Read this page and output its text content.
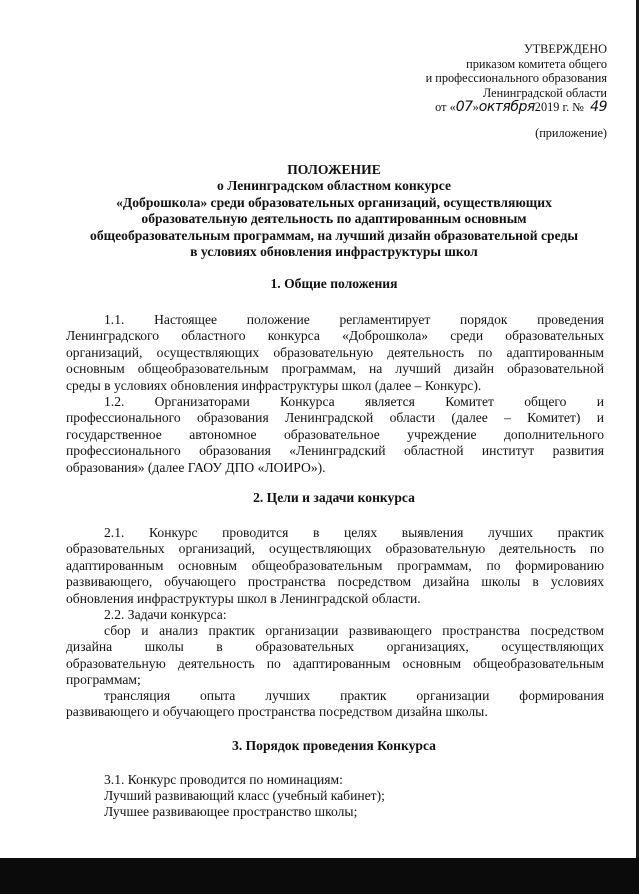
УТВЕРЖДЕНО
приказом комитета общего
и профессионального образования
Ленинградской области
от «07»октября2019 г. № 49
(приложение)
ПОЛОЖЕНИЕ
о Ленинградском областном конкурсе
«Доброшкола» среди образовательных организаций, осуществляющих
образовательную деятельность по адаптированным основным
общеобразовательным программам, на лучший дизайн образовательной среды
в условиях обновления инфраструктуры школ
1. Общие положения
1.1. Настоящее положение регламентирует порядок проведения
Ленинградского областного конкурса «Доброшкола» среди образовательных
организаций, осуществляющих образовательную деятельность по адаптированным
основным общеобразовательным программам, на лучший дизайн образовательной
среды в условиях обновления инфраструктуры школ (далее – Конкурс).
1.2. Организаторами Конкурса является Комитет общего и
профессионального образования Ленинградской области (далее – Комитет) и
государственное автономное образовательное учреждение дополнительного
профессионального образования «Ленинградский областной институт развития
образования» (далее ГАОУ ДПО «ЛОИРО»).
2. Цели и задачи конкурса
2.1. Конкурс проводится в целях выявления лучших практик
образовательных организаций, осуществляющих образовательную деятельность по
адаптированным основным общеобразовательным программам, по формированию
развивающего, обучающего пространства посредством дизайна школы в условиях
обновления инфраструктуры школ в Ленинградской области.
2.2. Задачи конкурса:
сбор и анализ практик организации развивающего пространства посредством
дизайна школы в образовательных организациях, осуществляющих
образовательную деятельность по адаптированным основным общеобразовательным
программам;
трансляция опыта лучших практик организации формирования
развивающего и обучающего пространства посредством дизайна школы.
3. Порядок проведения Конкурса
3.1. Конкурс проводится по номинациям:
Лучший развивающий класс (учебный кабинет);
Лучшее развивающее пространство школы;
